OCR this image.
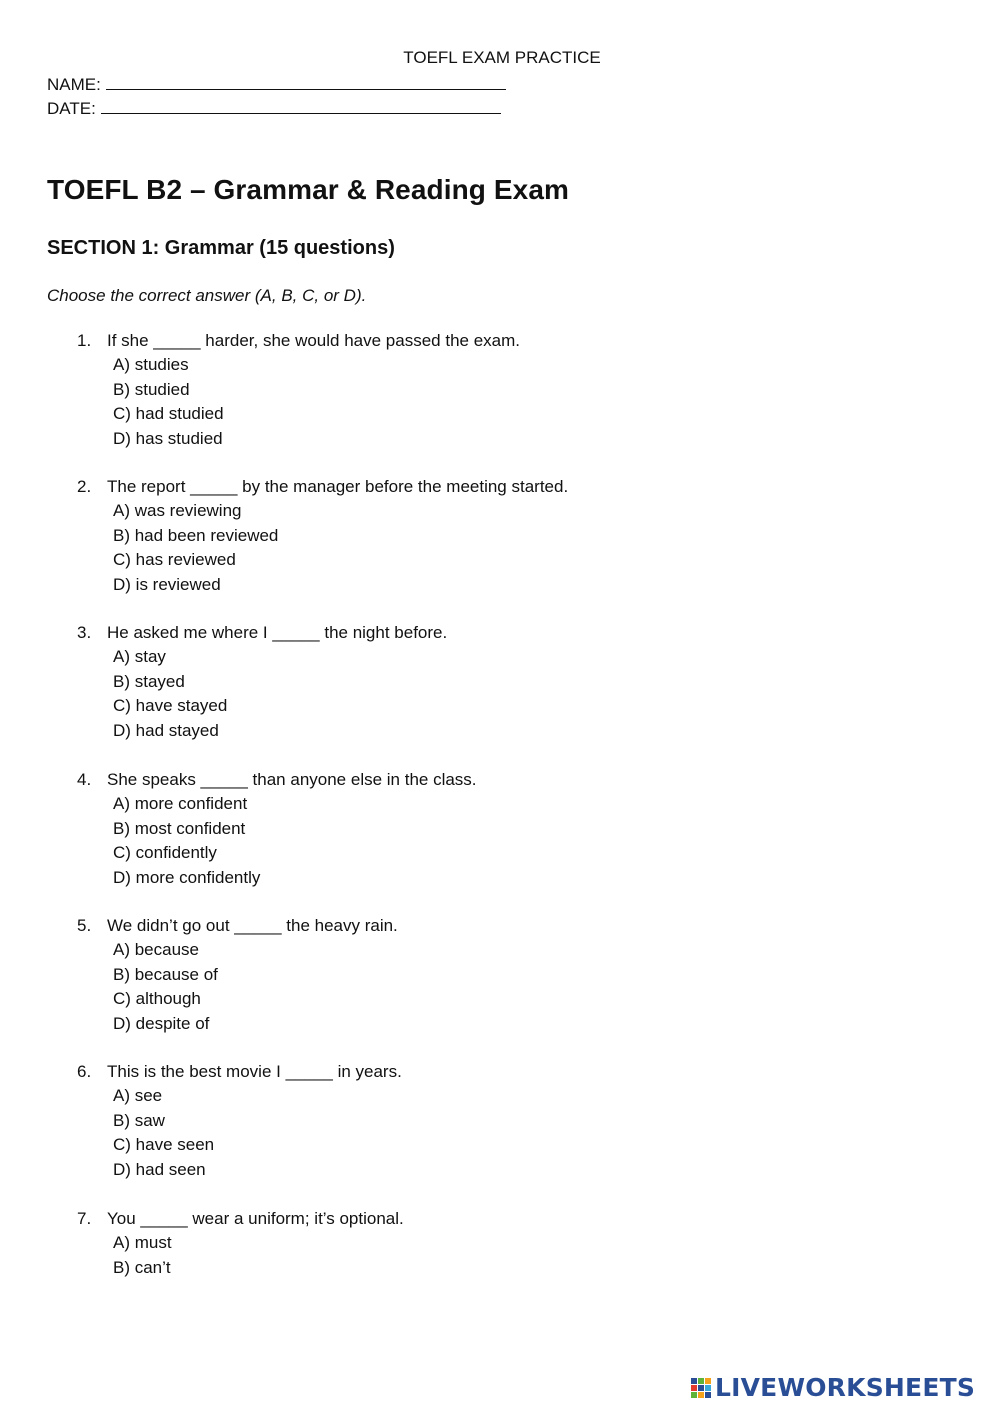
TOEFL EXAM PRACTICE
NAME:
DATE:
TOEFL B2 – Grammar & Reading Exam
SECTION 1: Grammar (15 questions)

Choose the correct answer (A, B, C, or D).

1. If she _____ harder, she would have passed the exam.
A) studies
B) studied
C) had studied
D) has studied
2. The report _____ by the manager before the meeting started.
A) was reviewing
B) had been reviewed
C) has reviewed
D) is reviewed
3. He asked me where I _____ the night before.
A) stay
B) stayed
C) have stayed
D) had stayed
4. She speaks _____ than anyone else in the class.
A) more confident
B) most confident
C) confidently
D) more confidently
5. We didn’t go out _____ the heavy rain.
A) because
B) because of
C) although
D) despite of
6. This is the best movie I _____ in years.
A) see
B) saw
C) have seen
D) had seen
7. You _____ wear a uniform; it’s optional.
A) must
B) can’t
LIVEWORKSHEETS
